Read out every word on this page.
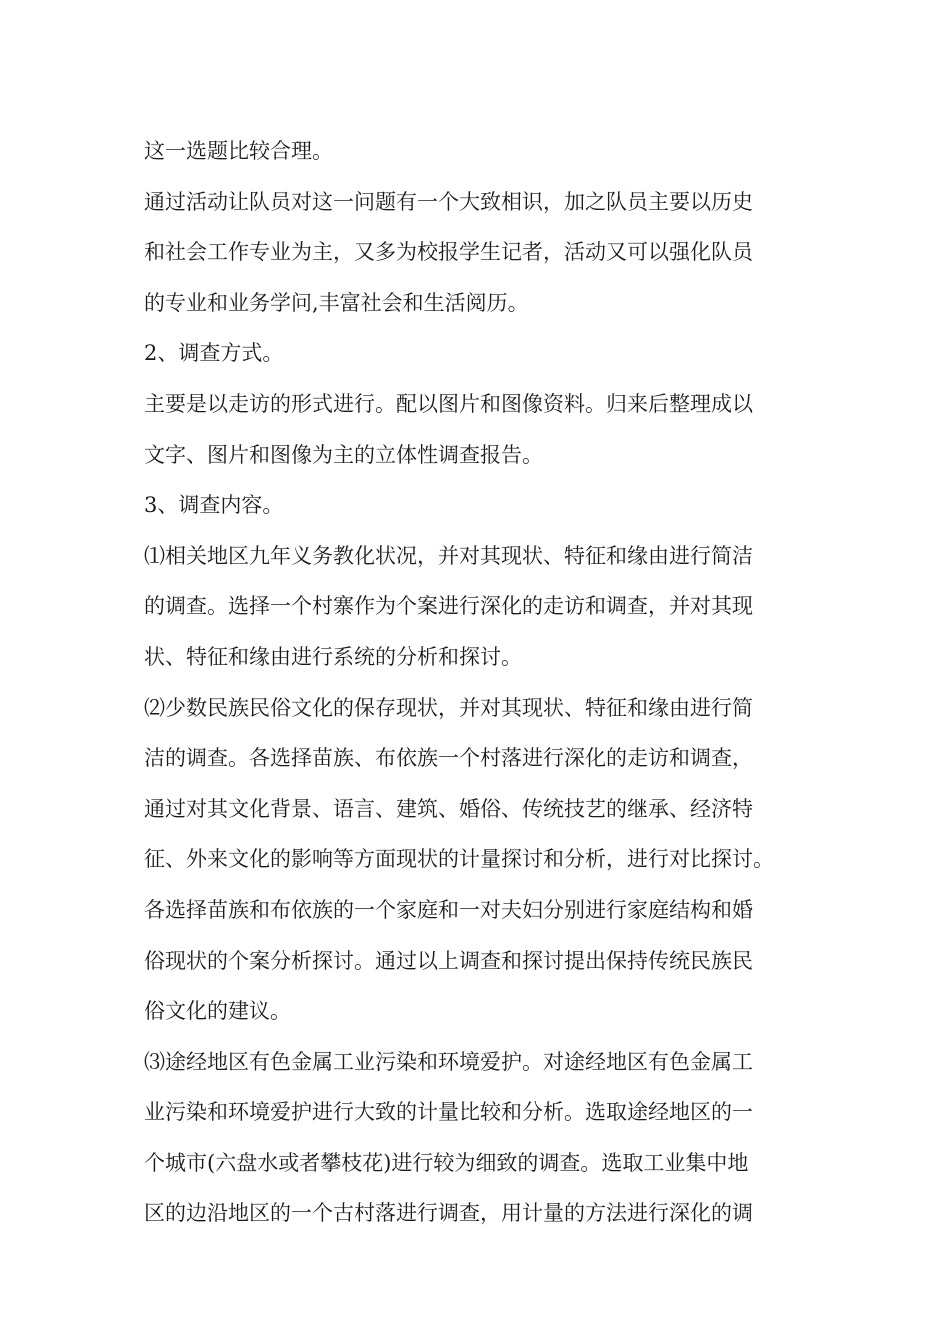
这一选题比较合理。
通过活动让队员对这一问题有一个大致相识，加之队员主要以历史
和社会工作专业为主，又多为校报学生记者，活动又可以强化队员
的专业和业务学问,丰富社会和生活阅历。
2、调查方式。
主要是以走访的形式进行。配以图片和图像资料。归来后整理成以
文字、图片和图像为主的立体性调查报告。
3、调查内容。
⑴相关地区九年义务教化状况，并对其现状、特征和缘由进行简洁
的调查。选择一个村寨作为个案进行深化的走访和调查，并对其现
状、特征和缘由进行系统的分析和探讨。
⑵少数民族民俗文化的保存现状，并对其现状、特征和缘由进行简
洁的调查。各选择苗族、布依族一个村落进行深化的走访和调查，
通过对其文化背景、语言、建筑、婚俗、传统技艺的继承、经济特
征、外来文化的影响等方面现状的计量探讨和分析，进行对比探讨。
各选择苗族和布依族的一个家庭和一对夫妇分别进行家庭结构和婚
俗现状的个案分析探讨。通过以上调查和探讨提出保持传统民族民
俗文化的建议。
⑶途经地区有色金属工业污染和环境爱护。对途经地区有色金属工
业污染和环境爱护进行大致的计量比较和分析。选取途经地区的一
个城市(六盘水或者攀枝花)进行较为细致的调查。选取工业集中地
区的边沿地区的一个古村落进行调查，用计量的方法进行深化的调
